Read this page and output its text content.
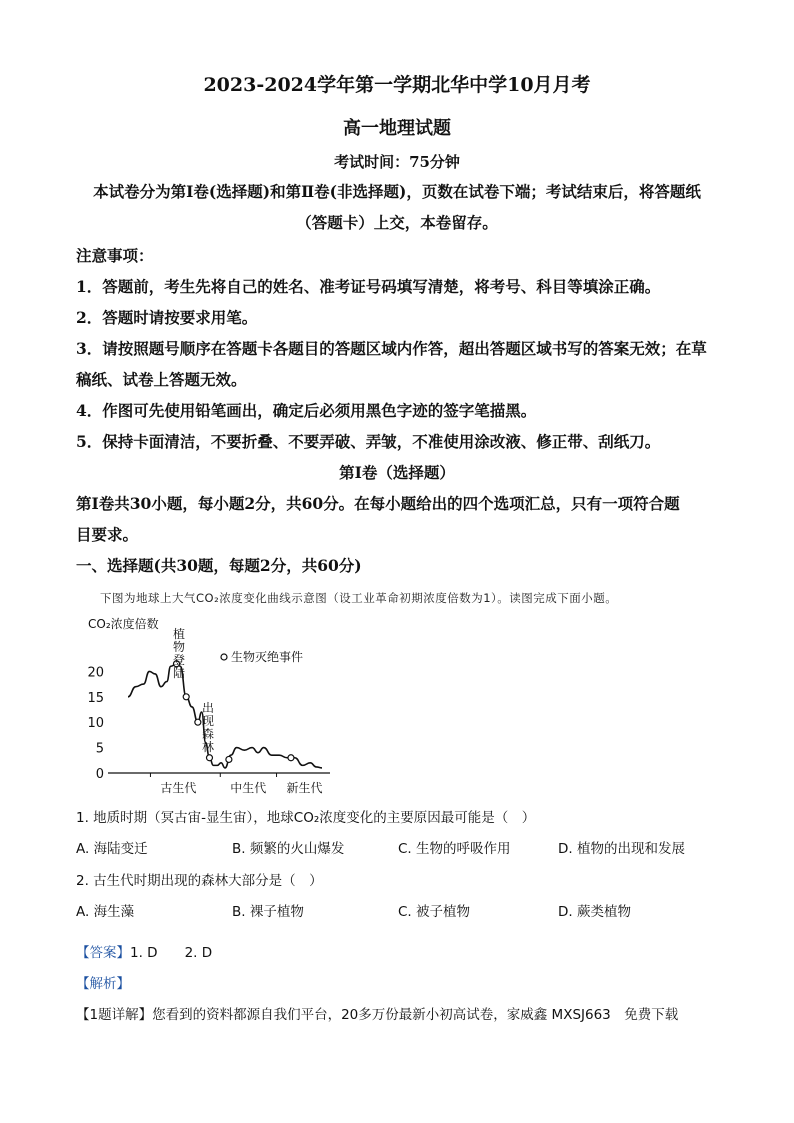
2023-2024学年第一学期北华中学10月月考
高一地理试题
考试时间：75分钟
本试卷分为第Ⅰ卷(选择题)和第Ⅱ卷(非选择题)，页数在试卷下端；考试结束后，将答题纸
（答题卡）上交，本卷留存。
注意事项：
1．答题前，考生先将自己的姓名、准考证号码填写清楚，将考号、科目等填涂正确。
2．答题时请按要求用笔。
3．请按照题号顺序在答题卡各题目的答题区域内作答，超出答题区域书写的答案无效；在草
稿纸、试卷上答题无效。
4．作图可先使用铅笔画出，确定后必须用黑色字迹的签字笔描黑。
5．保持卡面清洁，不要折叠、不要弄破、弄皱，不准使用涂改液、修正带、刮纸刀。
第Ⅰ卷（选择题）
第Ⅰ卷共30小题，每小题2分，共60分。在每小题给出的四个选项汇总，只有一项符合题
目要求。
一、选择题(共30题，每题2分，共60分)
下图为地球上大气CO₂浓度变化曲线示意图（设工业革命初期浓度倍数为1）。读图完成下面小题。
CO₂浓度倍数
0
5
10
15
20
古生代	中生代 新生代
生物灭绝事件
植物登陆
出现森林
1. 地质时期（冥古宙-显生宙），地球CO₂浓度变化的主要原因最可能是（　）
A. 海陆变迁	B. 频繁的火山爆发	C. 生物的呼吸作用	D. 植物的出现和发展
2. 古生代时期出现的森林大部分是（　）
A. 海生藻	B. 裸子植物	C. 被子植物	D. 蕨类植物
【答案】1. D　　2. D
【解析】
【1题详解】您看到的资料都源自我们平台，20多万份最新小初高试卷，家威鑫 MXSJ663　免费下载
